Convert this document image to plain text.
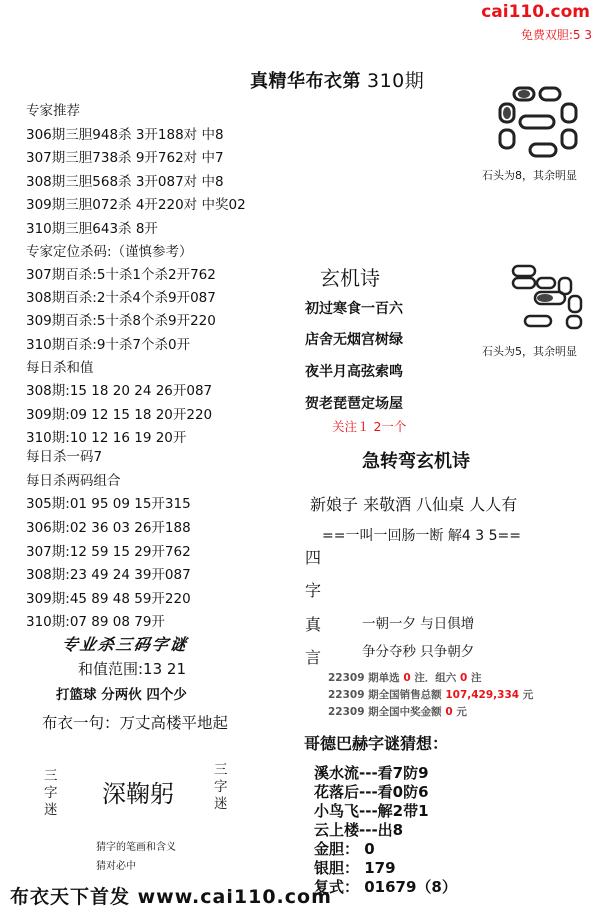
cai110.com
免费双胆:5 3
真精华布衣第 310期
专家推荐
306期三胆948杀 3开188对 中8
307期三胆738杀 9开762对 中7
308期三胆568杀 3开087对 中8
309期三胆072杀 4开220对 中奖02
310期三胆643杀 8开
专家定位杀码:（谨慎参考）
307期百杀:5十杀1个杀2开762
308期百杀:2十杀4个杀9开087
309期百杀:5十杀8个杀9开220
310期百杀:9十杀7个杀0开
每日杀和值
308期:15 18 20 24 26开087
309期:09 12 15 18 20开220
310期:10 12 16 19 20开
每日杀一码7
每日杀两码组合
305期:01 95 09 15开315
306期:02 36 03 26开188
307期:12 59 15 29开762
308期:23 49 24 39开087
309期:45 89 48 59开220
310期:07 89 08 79开
石头为8，其余明显
石头为5，其余明显
玄机诗
初过寒食一百六
店舍无烟宫树绿
夜半月高弦索鸣
贺老琵琶定场屋
关注１ 2一个
急转弯玄机诗
新娘子 来敬酒 八仙桌 人人有
==一叫一回肠一断 解4 3 5==
四
字
真
言
一朝一夕 与日俱增
争分夺秒 只争朝夕
22309 期单选 0 注．组六 0 注
22309 期全国销售总额 107,429,334 元
22309 期全国中奖金额 0 元
哥德巴赫字谜猜想：
溪水流---看7防9
花落后---看0防6
小鸟飞---解2带1
云上楼---出8
金胆： 0
银胆： 179
复式： 01679（8）
专业杀三码字谜
和值范围:13 21
打篮球 分两伙 四个少
布衣一句：万丈高楼平地起
三
字
迷
深鞠躬
三
字
迷
猜字的笔画和含义
猜对必中
布衣天下首发 www.cai110.com
